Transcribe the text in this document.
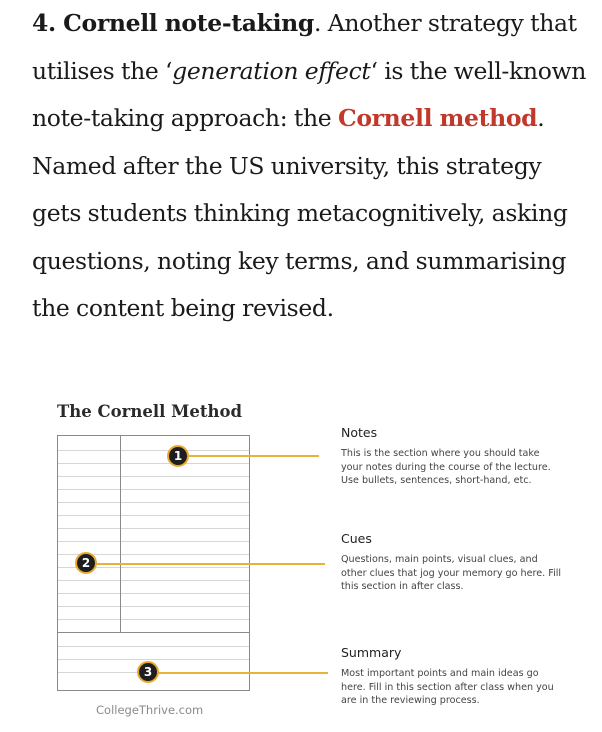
4. Cornell note-taking. Another strategy that
utilises the ‘generation effect‘ is the well-known
note-taking approach: the Cornell method.
Named after the US university, this strategy
gets students thinking metacognitively, asking
questions, noting key terms, and summarising
the content being revised.
The Cornell Method
1
2
3
Notes
This is the section where you should take
your notes during the course of the lecture.
Use bullets, sentences, short-hand, etc.
Cues
Questions, main points, visual clues, and
other clues that jog your memory go here. Fill
this section in after class.
Summary
Most important points and main ideas go
here. Fill in this section after class when you
are in the reviewing process.
CollegeThrive.com
